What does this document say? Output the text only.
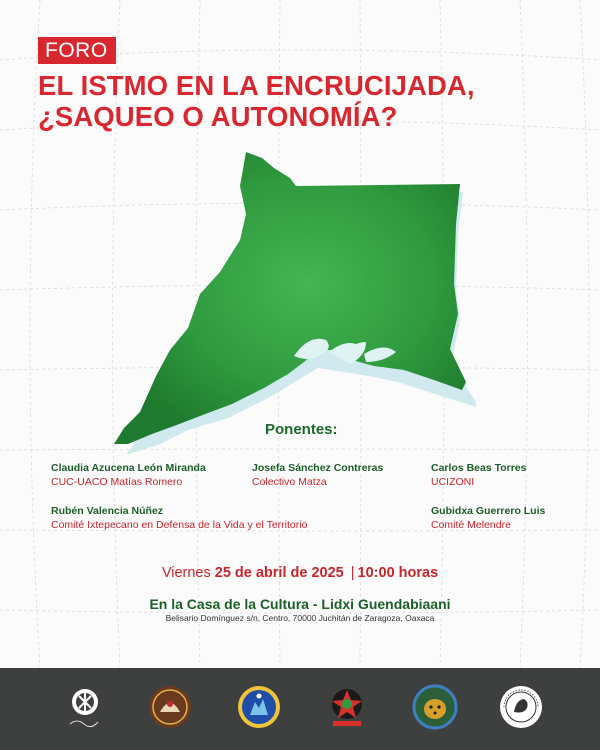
FORO
EL ISTMO EN LA ENCRUCIJADA,
¿SAQUEO O AUTONOMÍA?
Ponentes:
Claudia Azucena León Miranda
CUC-UACO Matías Romero
Josefa Sánchez Contreras
Colectivo Matza
Carlos Beas Torres
UCIZONI
Rubén Valencia Núñez
Comité Ixtepecano en Defensa de la Vida y el Territorio
Gubidxa Guerrero Luis
Comité Melendre
Viernes 25 de abril de 2025 | 10:00 horas
En la Casa de la Cultura - Lidxi Guendabiaani
Belisario Domínguez s/n, Centro, 70000 Juchitán de Zaragoza, Oaxaca
